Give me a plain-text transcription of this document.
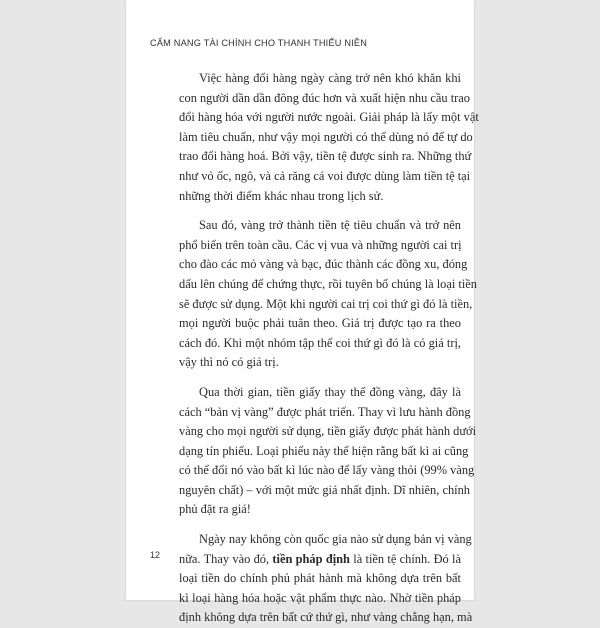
CẨM NANG TÀI CHÍNH CHO THANH THIẾU NIÊN
Việc hàng đổi hàng ngày càng trở nên khó khăn khi
con người dần dần đông đúc hơn và xuất hiện nhu cầu trao
đổi hàng hóa với người nước ngoài. Giải pháp là lấy một vật
làm tiêu chuẩn, như vậy mọi người có thể dùng nó để tự do
trao đổi hàng hoá. Bởi vậy, tiền tệ được sinh ra. Những thứ
như vỏ ốc, ngô, và cả răng cá voi được dùng làm tiền tệ tại
những thời điểm khác nhau trong lịch sử.
Sau đó, vàng trở thành tiền tệ tiêu chuẩn và trở nên
phổ biến trên toàn cầu. Các vị vua và những người cai trị
cho đào các mỏ vàng và bạc, đúc thành các đồng xu, đóng
dấu lên chúng để chứng thực, rồi tuyên bố chúng là loại tiền
sẽ được sử dụng. Một khi người cai trị coi thứ gì đó là tiền,
mọi người buộc phải tuân theo. Giá trị được tạo ra theo
cách đó. Khi một nhóm tập thể coi thứ gì đó là có giá trị,
vậy thì nó có giá trị.
Qua thời gian, tiền giấy thay thế đồng vàng, đây là
cách “bản vị vàng” được phát triển. Thay vì lưu hành đồng
vàng cho mọi người sử dụng, tiền giấy được phát hành dưới
dạng tín phiếu. Loại phiếu này thể hiện rằng bất kì ai cũng
có thể đổi nó vào bất kì lúc nào để lấy vàng thỏi (99% vàng
nguyên chất) – với một mức giá nhất định. Dĩ nhiên, chính
phủ đặt ra giá!
Ngày nay không còn quốc gia nào sử dụng bản vị vàng
nữa. Thay vào đó, tiền pháp định là tiền tệ chính. Đó là
loại tiền do chính phủ phát hành mà không dựa trên bất
kì loại hàng hóa hoặc vật phẩm thực nào. Nhờ tiền pháp
định không dựa trên bất cứ thứ gì, như vàng chẳng hạn, mà
12
